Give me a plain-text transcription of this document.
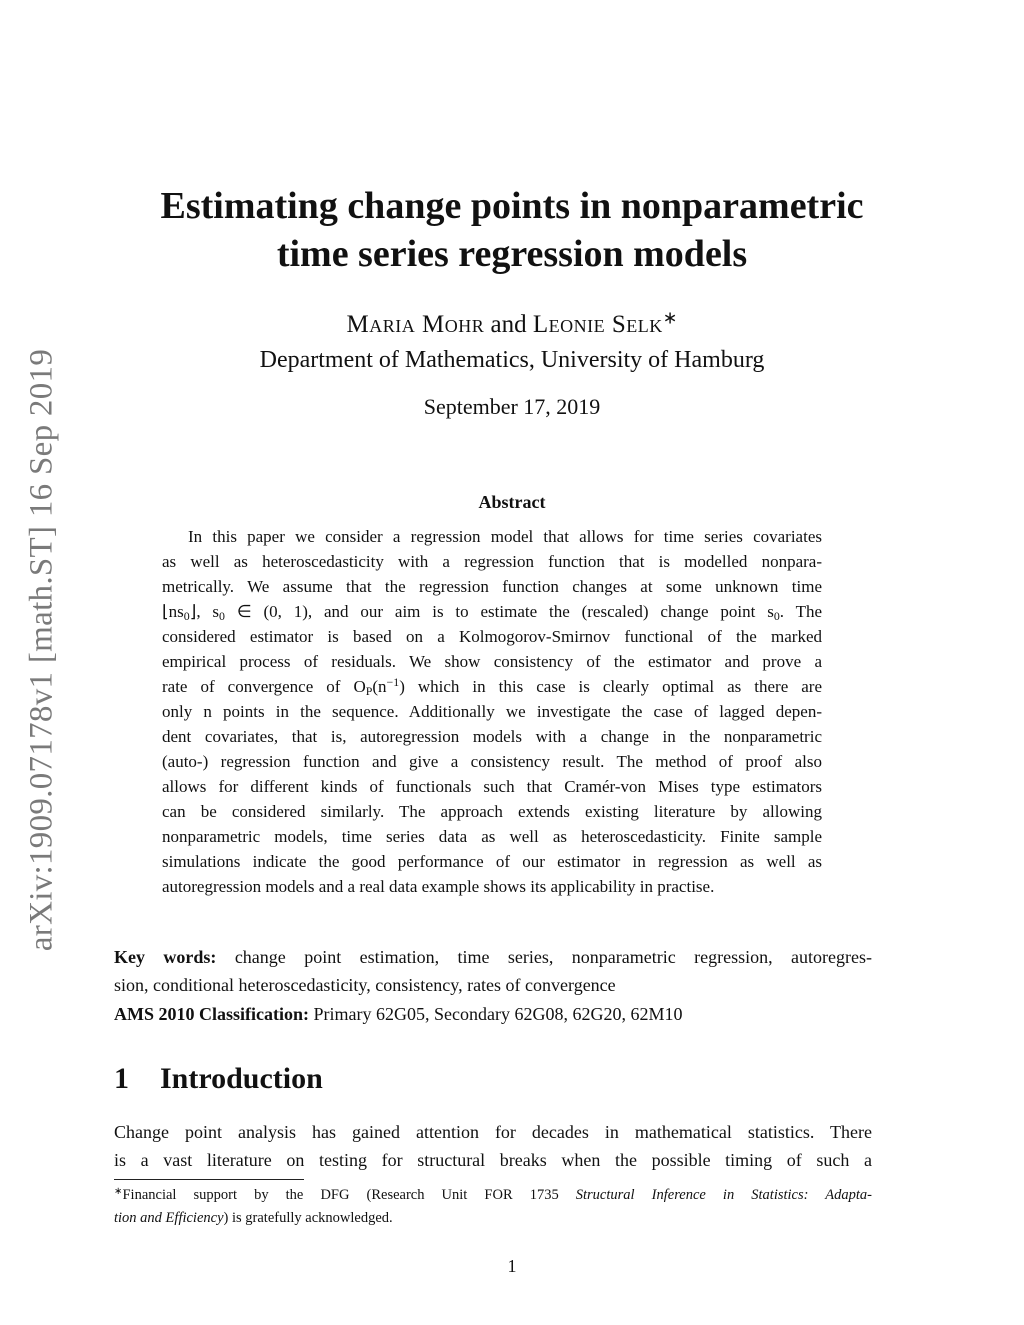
arXiv:1909.07178v1 [math.ST] 16 Sep 2019
Estimating change points in nonparametric
time series regression models
Maria Mohr and Leonie Selk∗
Department of Mathematics, University of Hamburg
September 17, 2019
Abstract
In this paper we consider a regression model that allows for time series covariates
as well as heteroscedasticity with a regression function that is modelled nonpara-
metrically. We assume that the regression function changes at some unknown time
$⌊ns_0⌋$, $s_0$ ∈ (0, 1), and our aim is to estimate the (rescaled) change point $s_0$. The
considered estimator is based on a Kolmogorov-Smirnov functional of the marked
empirical process of residuals. We show consistency of the estimator and prove a
rate of convergence of $O_P(n^{-1})$ which in this case is clearly optimal as there are
only n points in the sequence. Additionally we investigate the case of lagged depen-
dent covariates, that is, autoregression models with a change in the nonparametric
(auto-) regression function and give a consistency result. The method of proof also
allows for different kinds of functionals such that Cramér-von Mises type estimators
can be considered similarly. The approach extends existing literature by allowing
nonparametric models, time series data as well as heteroscedasticity. Finite sample
simulations indicate the good performance of our estimator in regression as well as
autoregression models and a real data example shows its applicability in practise.
Key words: change point estimation, time series, nonparametric regression, autoregres-
sion, conditional heteroscedasticity, consistency, rates of convergence
AMS 2010 Classification: Primary 62G05, Secondary 62G08, 62G20, 62M10
1 Introduction
Change point analysis has gained attention for decades in mathematical statistics. There
is a vast literature on testing for structural breaks when the possible timing of such a
∗Financial support by the DFG (Research Unit FOR 1735 Structural Inference in Statistics: Adapta-
tion and Efficiency) is gratefully acknowledged.
1
